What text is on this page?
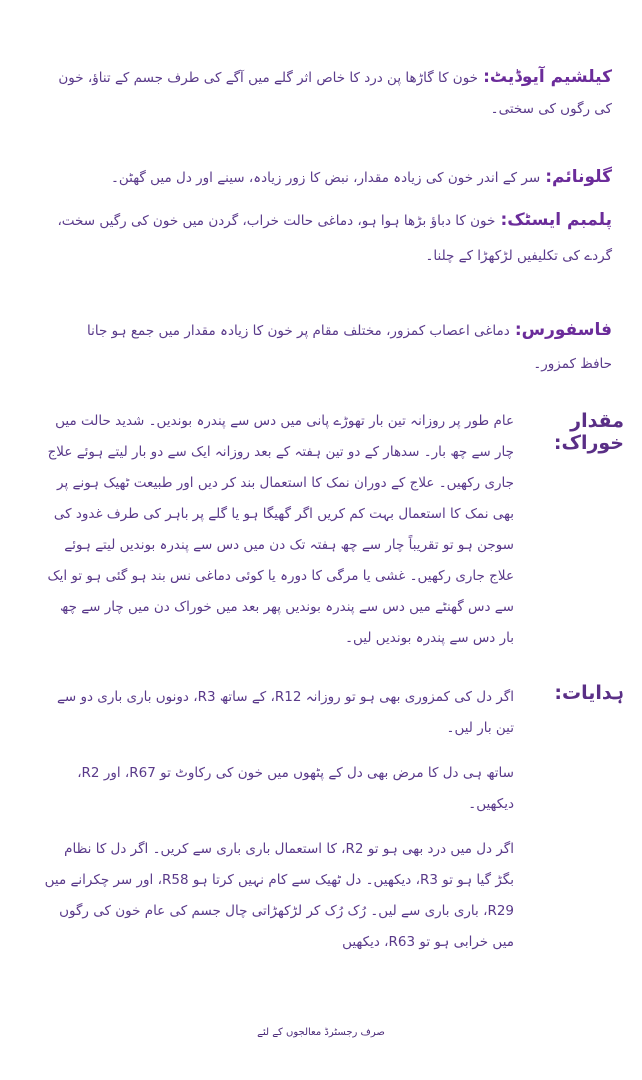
کیلشیم آیوڈیٹ: خون کا گاڑھا پن درد کا خاص اثر گلے میں آگے کی طرف جسم کے تناؤ، خون کی رگوں کی سختی۔
گلونائم: سر کے اندر خون کی زیادہ مقدار، نبض کا زور زیادہ، سینے اور دل میں گھٹن۔
پلمبم ایسٹک: خون کا دباؤ بڑھا ہوا ہو، دماغی حالت خراب، گردن میں خون کی رگیں سخت، گردے کی تکلیفیں لڑکھڑا کے چلنا۔
فاسفورس: دماغی اعصاب کمزور، مختلف مقام پر خون کا زیادہ مقدار میں جمع ہو جانا حافظ کمزور۔
مقدار خوراک:
عام طور پر روزانہ تین بار تھوڑے پانی میں دس سے پندرہ بوندیں۔ شدید حالت میں چار سے چھ بار۔ سدھار کے دو تین ہفتہ کے بعد روزانہ ایک سے دو بار لیتے ہوئے علاج جاری رکھیں۔ علاج کے دوران نمک کا استعمال بند کر دیں اور طبیعت ٹھیک ہونے پر بھی نمک کا استعمال بہت کم کریں اگر گھیگا ہو یا گلے پر باہر کی طرف غدود کی سوجن ہو تو تقریباً چار سے چھ ہفتہ تک دن میں دس سے پندرہ بوندیں لیتے ہوئے علاج جاری رکھیں۔ غشی یا مرگی کا دورہ یا کوئی دماغی نس بند ہو گئی ہو تو ایک سے دس گھنٹے میں دس سے پندرہ بوندیں پھر بعد میں خوراک دن میں چار سے چھ بار دس سے پندرہ بوندیں لیں۔
ہدایات:
اگر دل کی کمزوری بھی ہو تو روزانہ R12، کے ساتھ R3، دونوں باری باری دو سے تین بار لیں۔
ساتھ ہی دل کا مرض بھی دل کے پٹھوں میں خون کی رکاوٹ تو R67، اور R2، دیکھیں۔
اگر دل میں درد بھی ہو تو R2، کا استعمال باری باری سے کریں۔ اگر دل کا نظام بگڑ گیا ہو تو R3، دیکھیں۔ دل ٹھیک سے کام نہیں کرتا ہو R58، اور سر چکرانے میں R29، باری باری سے لیں۔ رُک رُک کر لڑکھڑاتی چال جسم کی عام خون کی رگوں میں خرابی ہو تو R63، دیکھیں
صرف رجسٹرڈ معالجوں کے لئے
